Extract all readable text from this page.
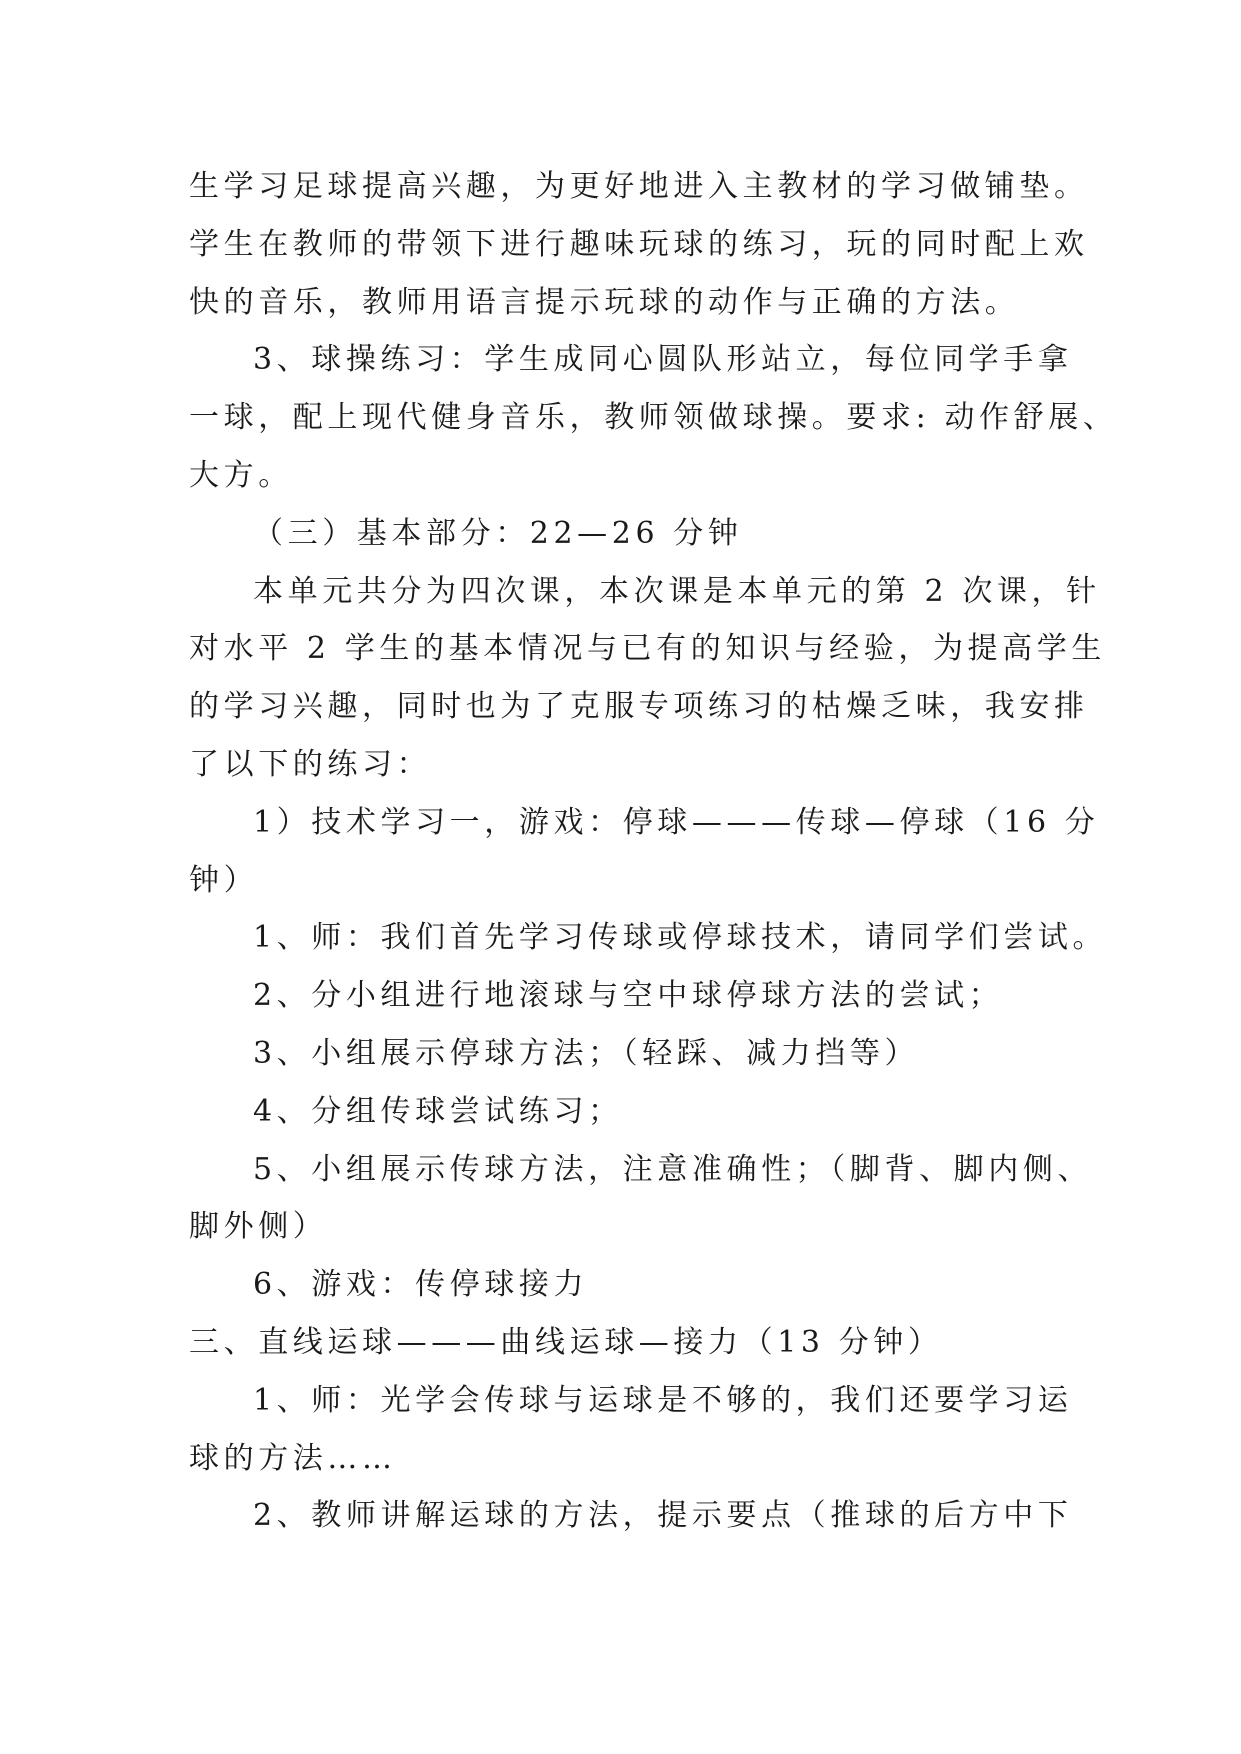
生学习足球提高兴趣，为更好地进入主教材的学习做铺垫。
学生在教师的带领下进行趣味玩球的练习，玩的同时配上欢
快的音乐，教师用语言提示玩球的动作与正确的方法。
3、球操练习：学生成同心圆队形站立，每位同学手拿
一球，配上现代健身音乐，教师领做球操。要求: 动作舒展、
大方。
（三）基本部分：22—26 分钟
本单元共分为四次课，本次课是本单元的第 2 次课，针
对水平 2 学生的基本情况与已有的知识与经验，为提高学生
的学习兴趣，同时也为了克服专项练习的枯燥乏味，我安排
了以下的练习：
1）技术学习一，游戏：停球———传球—停球（16 分
钟）
1、师：我们首先学习传球或停球技术，请同学们尝试。
2、分小组进行地滚球与空中球停球方法的尝试；
3、小组展示停球方法；（轻踩、减力挡等）
4、分组传球尝试练习；
5、小组展示传球方法，注意准确性；（脚背、脚内侧、
脚外侧）
6、游戏：传停球接力
三、直线运球———曲线运球—接力（13 分钟）
1、师：光学会传球与运球是不够的，我们还要学习运
球的方法……
2、教师讲解运球的方法，提示要点（推球的后方中下
